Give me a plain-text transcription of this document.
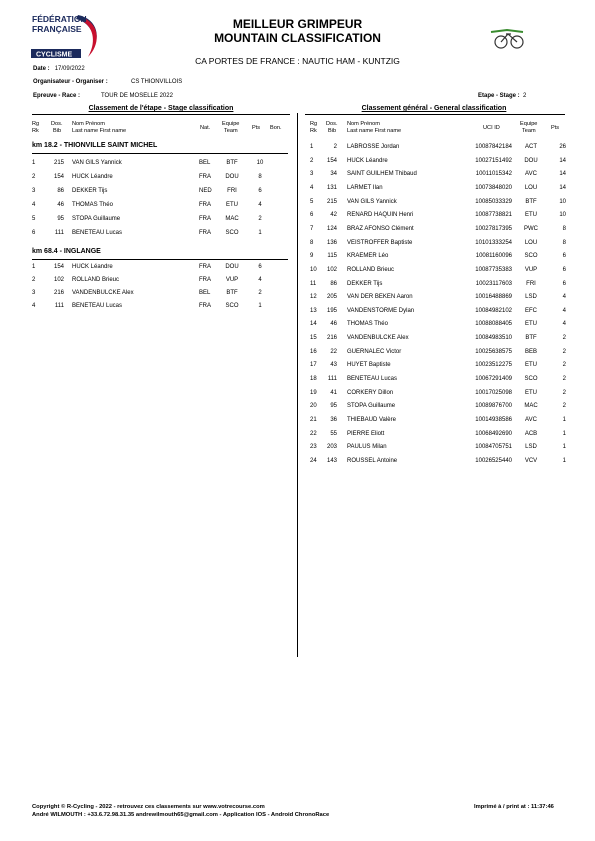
FÉDÉRATION
FRANÇAISE
CYCLISME
MEILLEUR GRIMPEUR
MOUNTAIN CLASSIFICATION
CA PORTES DE FRANCE : NAUTIC HAM - KUNTZIG
Date : 17/09/2022
Organisateur - Organiser :	CS THIONVILLOIS
Epreuve - Race :	TOUR DE MOSELLE 2022	Etape - Stage : 2
Classement de l'étape - Stage classification	Classement général - General classification
Rg
Rk
Dos.
Bib
Nom Prénom
Last name First name	Nat.
Equipe
Team	Pts Bon.
Rg
Rk
Dos.
Bib
Nom Prénom
Last name First name	UCI ID
Equipe
Team	Pts
km 18.2 - THIONVILLE SAINT MICHEL
1	215 VAN GILS Yannick	BEL	BTF	10
2	154 HUCK Léandre	FRA	DOU	8
3	86 DEKKER Tijs	NED	FRI	6
4	46 THOMAS Théo	FRA	ETU	4
5	95 STOPA Guillaume	FRA	MAC	2
6	111 BENETEAU Lucas	FRA	SCO	1
km 68.4 - INGLANGE
1	154 HUCK Léandre	FRA	DOU	6
2	102 ROLLAND Brieuc	FRA	VUP	4
3	216 VANDENBULCKE Alex	BEL	BTF	2
4	111 BENETEAU Lucas	FRA	SCO	1
1	2 LABROSSE Jordan	10087842184	ACT	26
2	154 HUCK Léandre	10027151492	DOU	14
3	34 SAINT GUILHEM Thibaud	10011015342	AVC	14
4	131 LARMET Ilan	10073848020	LOU	14
5	215 VAN GILS Yannick	10085033329	BTF	10
6	42 RENARD HAQUIN Henri	10087738821	ETU	10
7	124 BRAZ AFONSO Clément	10027817395	PWC	8
8	136 VEISTROFFER Baptiste	10101333254	LOU	8
9	115 KRAEMER Léo	10081160096	SCO	6
10	102 ROLLAND Brieuc	10087735383	VUP	6
11	86 DEKKER Tijs	10023117603	FRI	6
12	205 VAN DER BEKEN Aaron	10016488869	LSD	4
13	195 VANDENSTORME Dylan	10084982102	EFC	4
14	46 THOMAS Théo	10088088405	ETU	4
15	216 VANDENBULCKE Alex	10084983510	BTF	2
16	22 GUERNALEC Victor	10025638575	BEB	2
17	43 HUYET Baptiste	10023512275	ETU	2
18	111 BENETEAU Lucas	10067291409	SCO	2
19	41 CORKERY Dillon	10017025098	ETU	2
20	95 STOPA Guillaume	10089876700	MAC	2
21	36 THIEBAUD Valère	10014938586	AVC	1
22	55 PIERRE Eliott	10068492690	ACB	1
23	203 PAULUS Milan	10084705751	LSD	1
24	143 ROUSSEL Antoine	10026525440	VCV	1
Copyright © R-Cycling - 2022 - retrouvez ces classements sur www.votrecourse.com
André WILMOUTH : +33.6.72.98.31.35 andrewilmouth65@gmail.com - Application IOS - Android ChronoRace
Imprimé à / print at : 11:37:46
